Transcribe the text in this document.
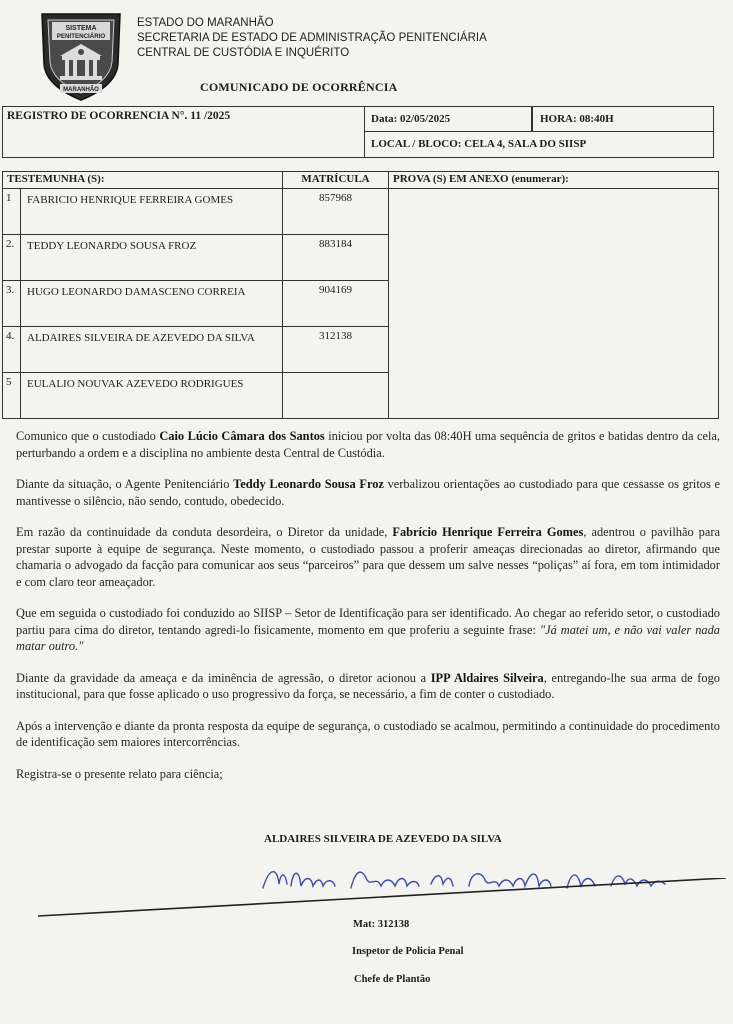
SISTEMA
PENITENCIÁRIO
MARANHÃO
ESTADO DO MARANHÃO
SECRETARIA DE ESTADO DE ADMINISTRAÇÃO PENITENCIÁRIA
CENTRAL DE CUSTÓDIA E INQUÉRITO
COMUNICADO DE OCORRÊNCIA
REGISTRO DE OCORRENCIA N°. 11 /2025	Data: 02/05/2025	HORA: 08:40H
LOCAL / BLOCO: CELA 4, SALA DO SIISP
TESTEMUNHA (S):		MATRÍCULA	PROVA (S) EM ANEXO (enumerar):
1	FABRICIO HENRIQUE FERREIRA GOMES	857968	
2.	TEDDY LEONARDO SOUSA FROZ	883184	
3.	HUGO LEONARDO DAMASCENO CORREIA	904169	
4.	ALDAIRES SILVEIRA DE AZEVEDO DA SILVA	312138	
5	EULALIO NOUVAK AZEVEDO RODRIGUES		

Comunico que o custodiado Caio Lúcio Câmara dos Santos iniciou por volta das 08:40H uma sequência de gritos e batidas dentro da cela, perturbando a ordem e a disciplina no ambiente desta Central de Custódia.

Diante da situação, o Agente Penitenciário Teddy Leonardo Sousa Froz verbalizou orientações ao custodiado para que cessasse os gritos e mantivesse o silêncio, não sendo, contudo, obedecido.

Em razão da continuidade da conduta desordeira, o Diretor da unidade, Fabrício Henrique Ferreira Gomes, adentrou o pavilhão para prestar suporte à equipe de segurança. Neste momento, o custodiado passou a proferir ameaças direcionadas ao diretor, afirmando que chamaria o advogado da facção para comunicar aos seus “parceiros” para que dessem um salve nesses “poliças” aí fora, em tom intimidador e com claro teor ameaçador.

Que em seguida o custodiado foi conduzido ao SIISP – Setor de Identificação para ser identificado. Ao chegar ao referido setor, o custodiado partiu para cima do diretor, tentando agredi-lo fisicamente, momento em que proferiu a seguinte frase: "Já matei um, e não vai valer nada matar outro."

Diante da gravidade da ameaça e da iminência de agressão, o diretor acionou a IPP Aldaires Silveira, entregando-lhe sua arma de fogo institucional, para que fosse aplicado o uso progressivo da força, se necessário, a fim de conter o custodiado.

Após a intervenção e diante da pronta resposta da equipe de segurança, o custodiado se acalmou, permitindo a continuidade do procedimento de identificação sem maiores intercorrências.

Registra-se o presente relato para ciência;

ALDAIRES SILVEIRA DE AZEVEDO DA SILVA
Mat: 312138
Inspetor de Policia Penal
Chefe de Plantão
